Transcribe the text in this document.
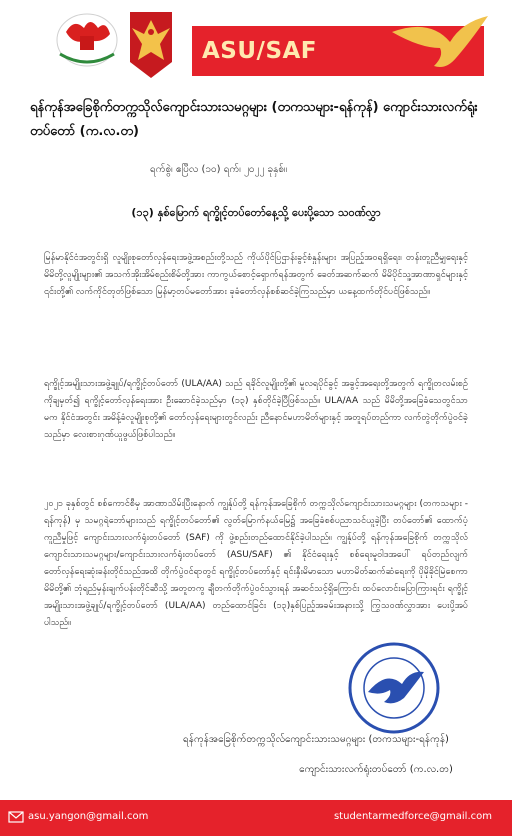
ASU/SAF
ရန်ကုန်အခြေစိုက်တက္ကသိုလ်ကျောင်းသားသမဂ္ဂများ (တကသများ-ရန်ကုန်) ကျောင်းသားလက်ရုံးတပ်တော် (က.လ.တ)
ရက်စွဲ၊ ဧပြီလ (၁၀) ရက်၊ ၂၀၂၂ ခုနှစ်။
(၁၃) နှစ်မြောက် ရက္ခိုင့်တပ်တော်နေ့သို့ ပေးပို့သော သဝဏ်လွှာ
မြန်မာနိုင်ငံအတွင်းရှိ လူမျိုးစုတော်လှန်ရေးအဖွဲ့အစည်းတို့သည် ကိုယ်ပိုင်ပြဌာန်းခွင့်စံနှုန်းများ အပြည့်အဝရရှိရေး၊ တန်းတူညီမျှရေးနှင့် မိမိတို့လူမျိုးများ၏ အသက်အိုးအိမ်စည်းစိမ်တို့အား ကာကွယ်စောင့်ရှောက်ရန်အတွက် ခေတ်အဆက်ဆက် မိမိပိုင်သူ့အာဏာရှင်များနှင့် ၎င်းတို့၏ လက်ကိုင်တုတ်ဖြစ်သော မြန်မာ့တပ်မတော်အား ခုခံတော်လှန်စစ်ဆင်ခဲ့ကြသည်မှာ ယနေ့ထက်တိုင်ပင်ဖြစ်သည်။
ရက္ခိုင့်အမျိုးသားအဖွဲ့ချုပ်/ရက္ခိုင့်တပ်တော် (ULA/AA) သည် ရခိုင်လူမျိုးတို့၏ မူလရပိုင်ခွင့် အခွင့်အရေးတို့အတွက် ရက္ခိုတလမ်းစဉ်ကိုချမှတ်၍ ရက္ခိုင့်တော်လှန်ရေးအား ဦးဆောင်ခဲ့သည်မှာ (၁၃) နှစ်တိုင်ခဲ့ပြီဖြစ်သည်။ ULA/AA သည် မိမိတို့အခြေခံသေတွင်သာမက နိုင်ငံအတွင်း အမိန့်ခံလူမျိုးစုတို့၏ တော်လှန်ရေးများတွင်လည်း ညီနောင်မဟာမိတ်များနှင့် အတူရပ်တည်ကာ လက်တွဲတိုက်ပွဲဝင်ခဲ့သည်မှာ လေးစားဂုဏ်ယူဖွယ်ဖြစ်ပါသည်။
၂၀၂၁ ခုနှစ်တွင် စစ်ကောင်စီမှ အာဏာသိမ်းပြီးနောက် ကျွန်ုပ်တို့ ရန်ကုန်အခြေစိုက် တက္ကသိုလ်ကျောင်းသားသမဂ္ဂများ (တကသများ - ရန်ကုန်) မှ သမဂ္ဂရဲဘော်များသည် ရက္ခိုင့်တပ်တော်၏ လွတ်မြောက်နယ်မြေ၌ အခြေခံစစ်ပညာသင်ယူခဲ့ပြီး တပ်တော်၏ ထောက်ပံ့ကူညီမှုဖြင့် ကျောင်းသားလက်ရုံးတပ်တော် (SAF) ကို ဖွဲ့စည်းတည်ထောင်နိုင်ခဲ့ပါသည်။ ကျွန်ုပ်တို့ ရန်ကုန်အခြေစိုက် တက္ကသိုလ်ကျောင်းသားသမဂ္ဂများ/ကျောင်းသားလက်ရုံးတပ်တော် (ASU/SAF) ၏ နိုင်ငံရေးနှင့် စစ်ရေးမူဝါဒအပေါ် ရပ်တည်လျက် တော်လှန်ရေးဆုံးခန်းတိုင်သည်အထိ တိုက်ပွဲဝင်ရာတွင် ရက္ခိုင့်တပ်တော်နှင့် ရင်းနှီးမိမာသော မဟာမိတ်ဆက်ဆံရေးကို ပိုမိုခိုင်မြဲစေကာ မိမိတို့၏ ဘုံရည်မှန်းချက်ပန်းတိုင်ဆီသို့ အတူတကွ ချီတက်တိုက်ပွဲဝင်သွားရန် အဆင်သင့်ရှိကြောင်း ထပ်လောင်းပြောကြားရင်း ရက္ခိုင့်အမျိုးသားအဖွဲ့ချုပ်/ရက္ခိုင့်တပ်တော် (ULA/AA) တည်ထောင်ခြင်း (၁၃)နှစ်ပြည့်အခမ်းအနားသို့ ကြွသဝဏ်လွှာအား ပေးပို့အပ်ပါသည်။
ရန်ကုန်အခြေစိုက်တက္ကသိုလ်ကျောင်းသားသမဂ္ဂများ (တကသများ-ရန်ကုန်)
ကျောင်းသားလက်ရုံးတပ်တော် (က.လ.တ)
asu.yangon@gmail.com	studentarmedforce@gmail.com
